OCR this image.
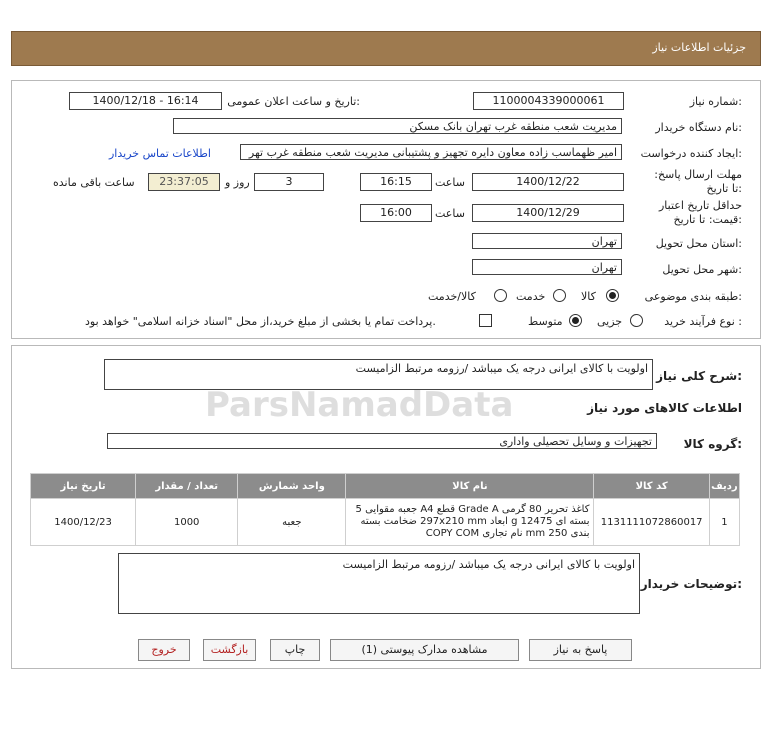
جزئیات اطلاعات نیاز
شماره نیاز:
1100004339000061
تاریخ و ساعت اعلان عمومی:
1400/12/18 - 16:14
نام دستگاه خریدار:
مدیریت شعب منطقه غرب تهران بانک مسکن
ایجاد کننده درخواست:
امیر ظهماسب زاده معاون دایره تجهیز و پشتیبانی مدیریت شعب منطقه غرب تهر
اطلاعات تماس خریدار
مهلت ارسال پاسخ: تا تاریخ:
1400/12/22
ساعت
16:15
3
روز و
23:37:05
ساعت باقی مانده
حداقل تاریخ اعتبار قیمت: تا تاریخ:
1400/12/29
ساعت
16:00
استان محل تحویل:
تهران
شهر محل تحویل:
تهران
طبقه بندی موضوعی:
کالا
خدمت
کالا/خدمت
نوع فرآیند خرید :
جزیی
متوسط
پرداخت تمام یا بخشی از مبلغ خرید،از محل "اسناد خزانه اسلامی" خواهد بود.
شرح کلی نیاز:
اولویت با کالای ایرانی درجه یک میباشد /رزومه مرتبط الزامیست
اطلاعات کالاهای مورد نیاز
گروه کالا:
تجهیزات و وسایل تحصیلی واداری
ردیف	کد کالا	نام کالا	واحد شمارش	تعداد / مقدار	تاریخ نیاز
1	1131111072860017	کاغذ تحریر 80 گرمی Grade A قطع A4 جعبه مقوایی 5 بسته ای g 12475 ابعاد 297x210 mm ضخامت بسته بندی 250 mm نام تجاری COPY COM	جعبه	1000	1400/12/23
توضیحات خریدار:
اولویت با کالای ایرانی درجه یک میباشد /رزومه مرتبط الزامیست
پاسخ به نیاز
مشاهده مدارک پیوستی (1)
چاپ
بازگشت
خروج
ParsNamadData
